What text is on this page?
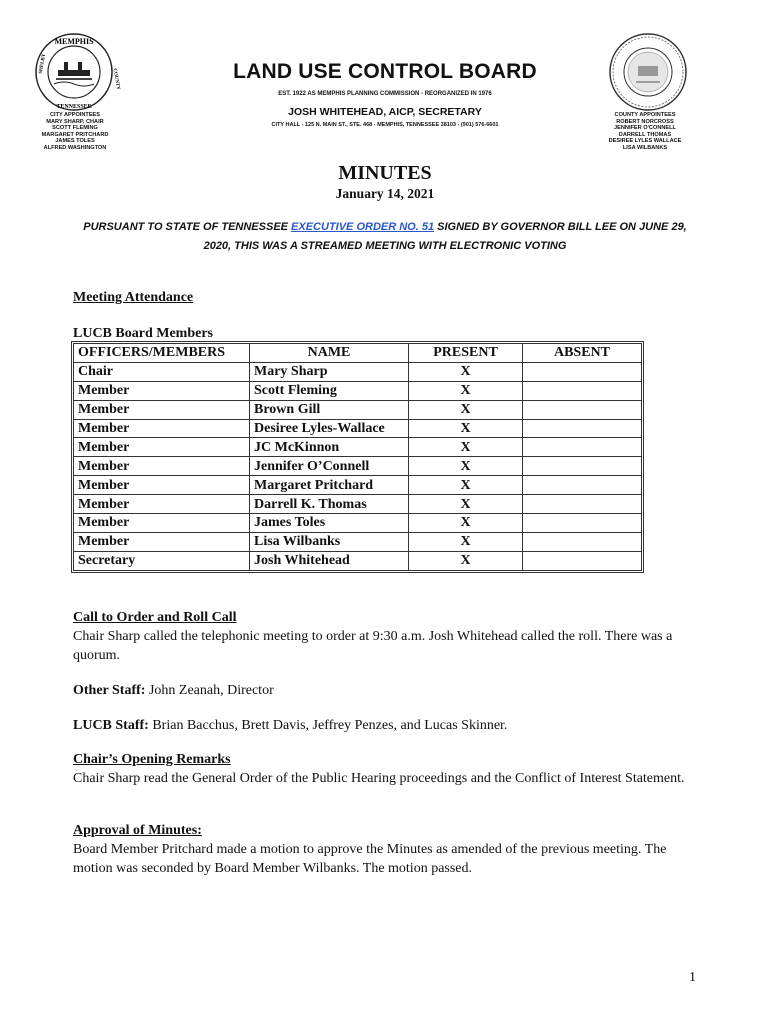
MEMPHIS
TENNESSEE
SHELBY
COUNTY	LAND USE CONTROL BOARD
EST. 1922 AS MEMPHIS PLANNING COMMISSION - REORGANIZED IN 1976
JOSH WHITEHEAD, AICP, SECRETARY
CITY HALL - 125 N. MAIN ST., STE. 468 - MEMPHIS, TENNESSEE 38103 - (901) 576-6601
CITY APPOINTEES
MARY SHARP, CHAIR
SCOTT FLEMING
MARGARET PRITCHARD
JAMES TOLES
ALFRED WASHINGTON
COUNTY APPOINTEES
ROBERT NORCROSS
JENNIFER O'CONNELL
DARRELL THOMAS
DESIREE LYLES WALLACE
LISA WILBANKS
MINUTES
January 14, 2021
PURSUANT TO STATE OF TENNESSEE EXECUTIVE ORDER NO. 51 SIGNED BY GOVERNOR BILL LEE ON JUNE 29, 2020, THIS WAS A STREAMED MEETING WITH ELECTRONIC VOTING
Meeting Attendance
LUCB Board Members
OFFICERS/MEMBERS	NAME	PRESENT	ABSENT
Chair	Mary Sharp	X	
Member	Scott Fleming	X	
Member	Brown Gill	X	
Member	Desiree Lyles-Wallace	X	
Member	JC McKinnon	X	
Member	Jennifer O’Connell	X	
Member	Margaret Pritchard	X	
Member	Darrell K. Thomas	X	
Member	James Toles	X	
Member	Lisa Wilbanks	X	
Secretary	Josh Whitehead	X	
Call to Order and Roll Call
Chair Sharp called the telephonic meeting to order at 9:30 a.m. Josh Whitehead called the roll. There was a quorum.
Other Staff: John Zeanah, Director
LUCB Staff: Brian Bacchus, Brett Davis, Jeffrey Penzes, and Lucas Skinner.
Chair’s Opening Remarks
Chair Sharp read the General Order of the Public Hearing proceedings and the Conflict of Interest Statement.
Approval of Minutes:
Board Member Pritchard made a motion to approve the Minutes as amended of the previous meeting. The motion was seconded by Board Member Wilbanks. The motion passed.
1
